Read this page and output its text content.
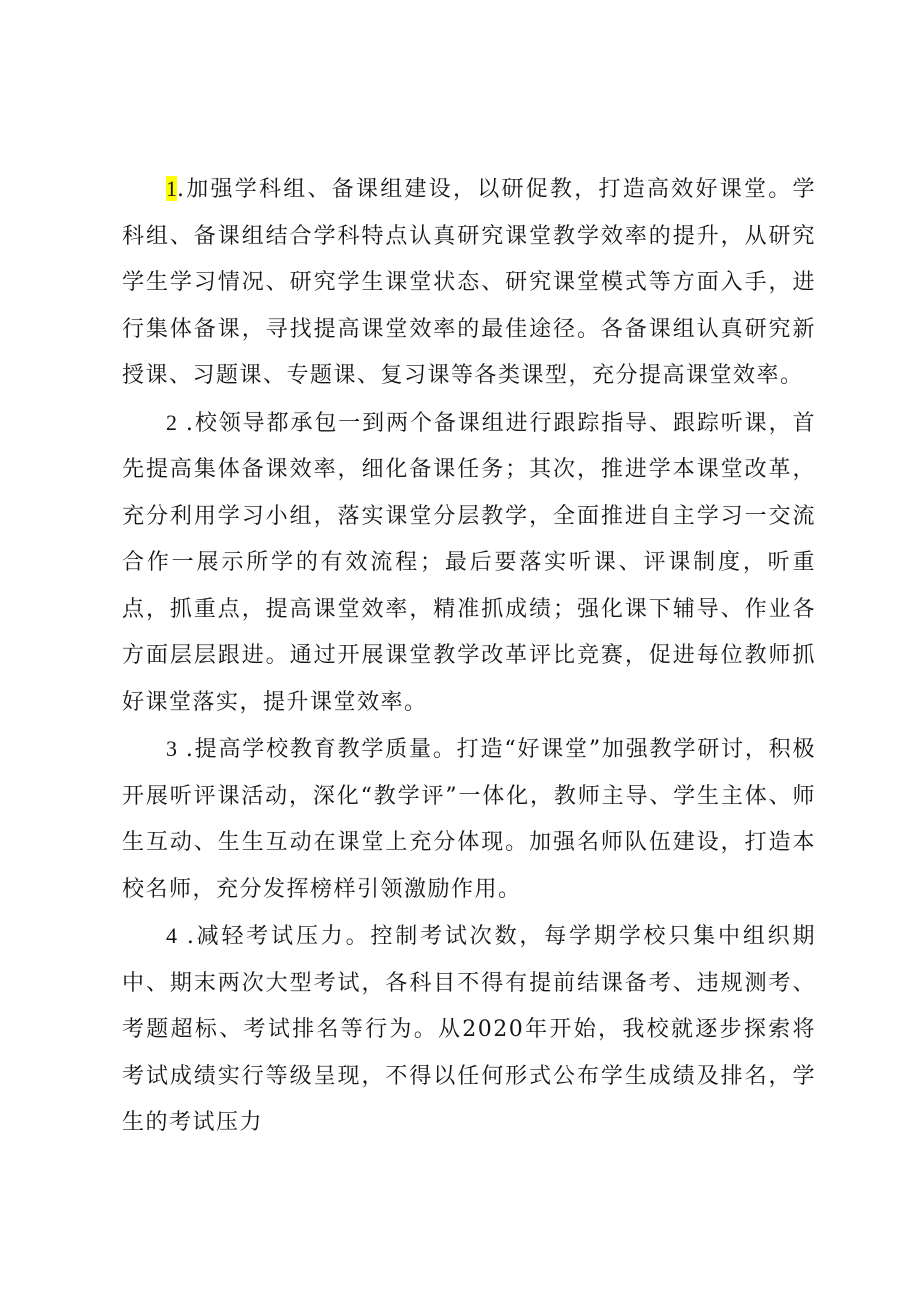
1.加强学科组、备课组建设，以研促教，打造高效好课堂。学科组、备课组结合学科特点认真研究课堂教学效率的提升，从研究学生学习情况、研究学生课堂状态、研究课堂模式等方面入手，进行集体备课，寻找提高课堂效率的最佳途径。各备课组认真研究新授课、习题课、专题课、复习课等各类课型，充分提高课堂效率。

2 .校领导都承包一到两个备课组进行跟踪指导、跟踪听课，首先提高集体备课效率，细化备课任务；其次，推进学本课堂改革，充分利用学习小组，落实课堂分层教学，全面推进自主学习一交流合作一展示所学的有效流程；最后要落实听课、评课制度，听重点，抓重点，提高课堂效率，精准抓成绩；强化课下辅导、作业各方面层层跟进。通过开展课堂教学改革评比竞赛，促进每位教师抓好课堂落实，提升课堂效率。

3 .提高学校教育教学质量。打造“好课堂”加强教学研讨，积极开展听评课活动，深化“教学评”一体化，教师主导、学生主体、师生互动、生生互动在课堂上充分体现。加强名师队伍建设，打造本校名师，充分发挥榜样引领激励作用。

4 .减轻考试压力。控制考试次数，每学期学校只集中组织期中、期末两次大型考试，各科目不得有提前结课备考、违规测考、考题超标、考试排名等行为。从2020年开始，我校就逐步探索将考试成绩实行等级呈现，不得以任何形式公布学生成绩及排名，学生的考试压力
